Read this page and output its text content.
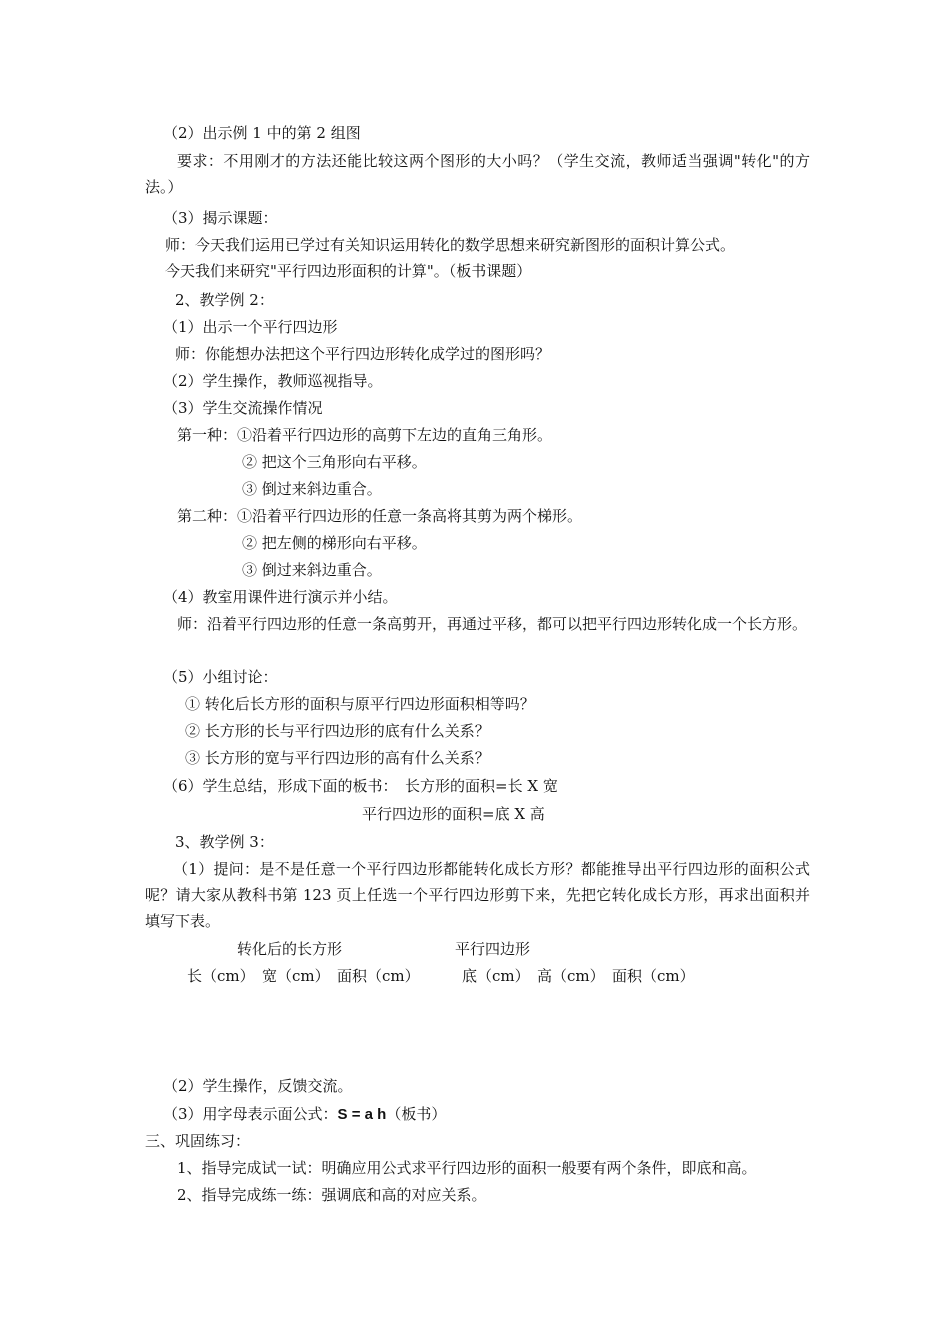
（2）出示例 1 中的第 2 组图
要求：不用刚才的方法还能比较这两个图形的大小吗？（学生交流，教师适当强调"转化"的方法。）
（3）揭示课题：
师：今天我们运用已学过有关知识运用转化的数学思想来研究新图形的面积计算公式。
今天我们来研究"平行四边形面积的计算"。（板书课题）
2、教学例 2：
（1）出示一个平行四边形
师：你能想办法把这个平行四边形转化成学过的图形吗？
（2）学生操作，教师巡视指导。
（3）学生交流操作情况
第一种：①沿着平行四边形的高剪下左边的直角三角形。
② 把这个三角形向右平移。
③ 倒过来斜边重合。
第二种：①沿着平行四边形的任意一条高将其剪为两个梯形。
② 把左侧的梯形向右平移。
③ 倒过来斜边重合。
（4）教室用课件进行演示并小结。
师：沿着平行四边形的任意一条高剪开，再通过平移，都可以把平行四边形转化成一个长方形。
（5）小组讨论：
① 转化后长方形的面积与原平行四边形面积相等吗？
② 长方形的长与平行四边形的底有什么关系？
③ 长方形的宽与平行四边形的高有什么关系？
（6）学生总结，形成下面的板书：　长方形的面积=长 X 宽
平行四边形的面积=底 X 高
3、教学例 3：
（1）提问：是不是任意一个平行四边形都能转化成长方形？都能推导出平行四边形的面积公式呢？请大家从教科书第 123 页上任选一个平行四边形剪下来，先把它转化成长方形，再求出面积并填写下表。
转化后的长方形	平行四边形
长（cm） 宽（cm） 面积（cm）	底（cm） 高（cm） 面积（cm）
（2）学生操作，反馈交流。
（3）用字母表示面公式：S = a h（板书）
三、巩固练习：
1、指导完成试一试：明确应用公式求平行四边形的面积一般要有两个条件，即底和高。
2、指导完成练一练：强调底和高的对应关系。
